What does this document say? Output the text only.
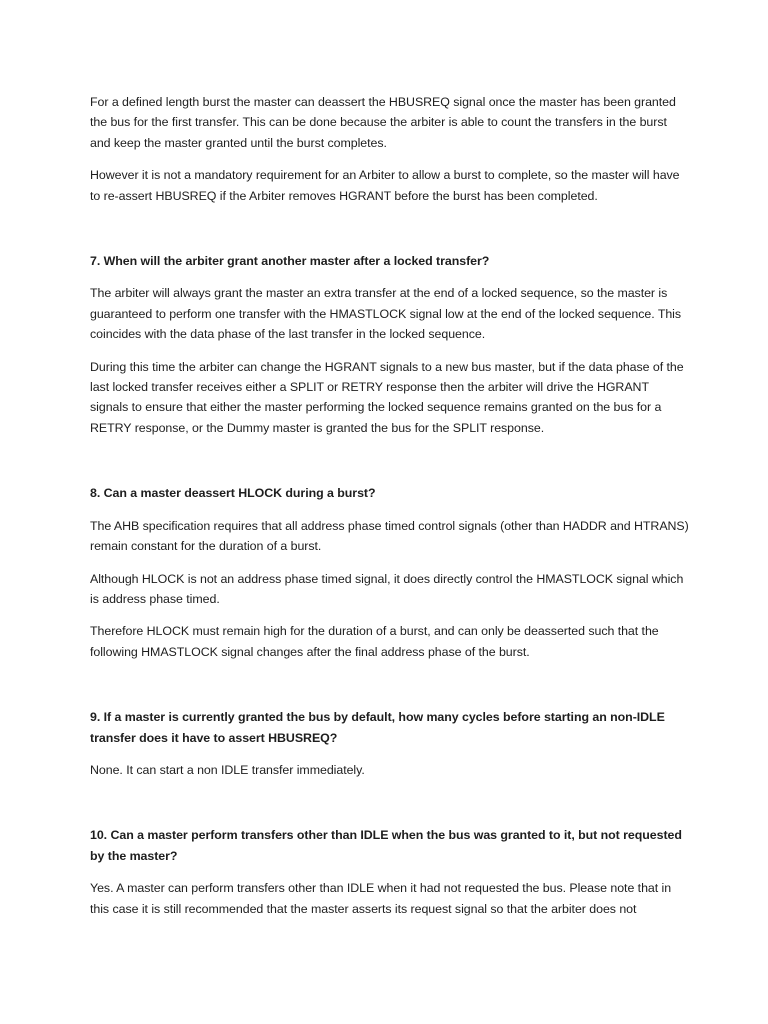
For a defined length burst the master can deassert the HBUSREQ signal once the master has been granted the bus for the first transfer. This can be done because the arbiter is able to count the transfers in the burst and keep the master granted until the burst completes.

However it is not a mandatory requirement for an Arbiter to allow a burst to complete, so the master will have to re-assert HBUSREQ if the Arbiter removes HGRANT before the burst has been completed.

7. When will the arbiter grant another master after a locked transfer?

The arbiter will always grant the master an extra transfer at the end of a locked sequence, so the master is guaranteed to perform one transfer with the HMASTLOCK signal low at the end of the locked sequence. This coincides with the data phase of the last transfer in the locked sequence.

During this time the arbiter can change the HGRANT signals to a new bus master, but if the data phase of the last locked transfer receives either a SPLIT or RETRY response then the arbiter will drive the HGRANT signals to ensure that either the master performing the locked sequence remains granted on the bus for a RETRY response, or the Dummy master is granted the bus for the SPLIT response.

8. Can a master deassert HLOCK during a burst?

The AHB specification requires that all address phase timed control signals (other than HADDR and HTRANS) remain constant for the duration of a burst.

Although HLOCK is not an address phase timed signal, it does directly control the HMASTLOCK signal which is address phase timed.

Therefore HLOCK must remain high for the duration of a burst, and can only be deasserted such that the following HMASTLOCK signal changes after the final address phase of the burst.

9. If a master is currently granted the bus by default, how many cycles before starting an non-IDLE transfer does it have to assert HBUSREQ?

None. It can start a non IDLE transfer immediately.

10. Can a master perform transfers other than IDLE when the bus was granted to it, but not requested by the master?

Yes. A master can perform transfers other than IDLE when it had not requested the bus. Please note that in this case it is still recommended that the master asserts its request signal so that the arbiter does not
